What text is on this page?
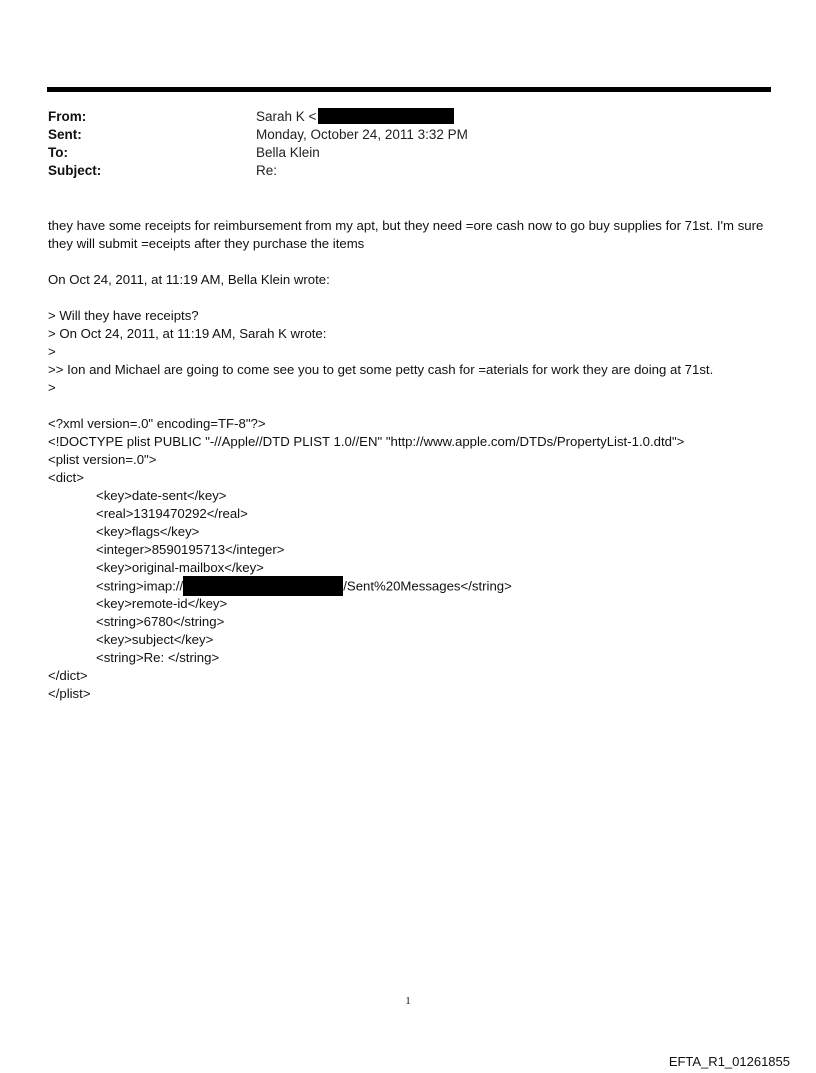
From:	Sarah K <
Sent:	Monday, October 24, 2011 3:32 PM
To:	Bella Klein
Subject:	Re:

they have some receipts for reimbursement from my apt, but they need =ore cash now to go buy supplies for 71st. I'm sure they will submit =eceipts after they purchase the items

On Oct 24, 2011, at 11:19 AM, Bella Klein wrote:
> Will they have receipts?
> On Oct 24, 2011, at 11:19 AM, Sarah K wrote:
>
>> Ion and Michael are going to come see you to get some petty cash for =aterials for work they are doing at 71st.
>
<?xml version=.0" encoding=TF-8"?>
<!DOCTYPE plist PUBLIC "-//Apple//DTD PLIST 1.0//EN" "http://www.apple.com/DTDs/PropertyList-1.0.dtd">
<plist version=.0">
<dict>
<key>date-sent</key>
<real>1319470292</real>
<key>flags</key>
<integer>8590195713</integer>
<key>original-mailbox</key>
<string>imap://	/Sent%20Messages</string>
<key>remote-id</key>
<string>6780</string>
<key>subject</key>
<string>Re: </string>
</dict>
</plist>
1
EFTA_R1_01261855
